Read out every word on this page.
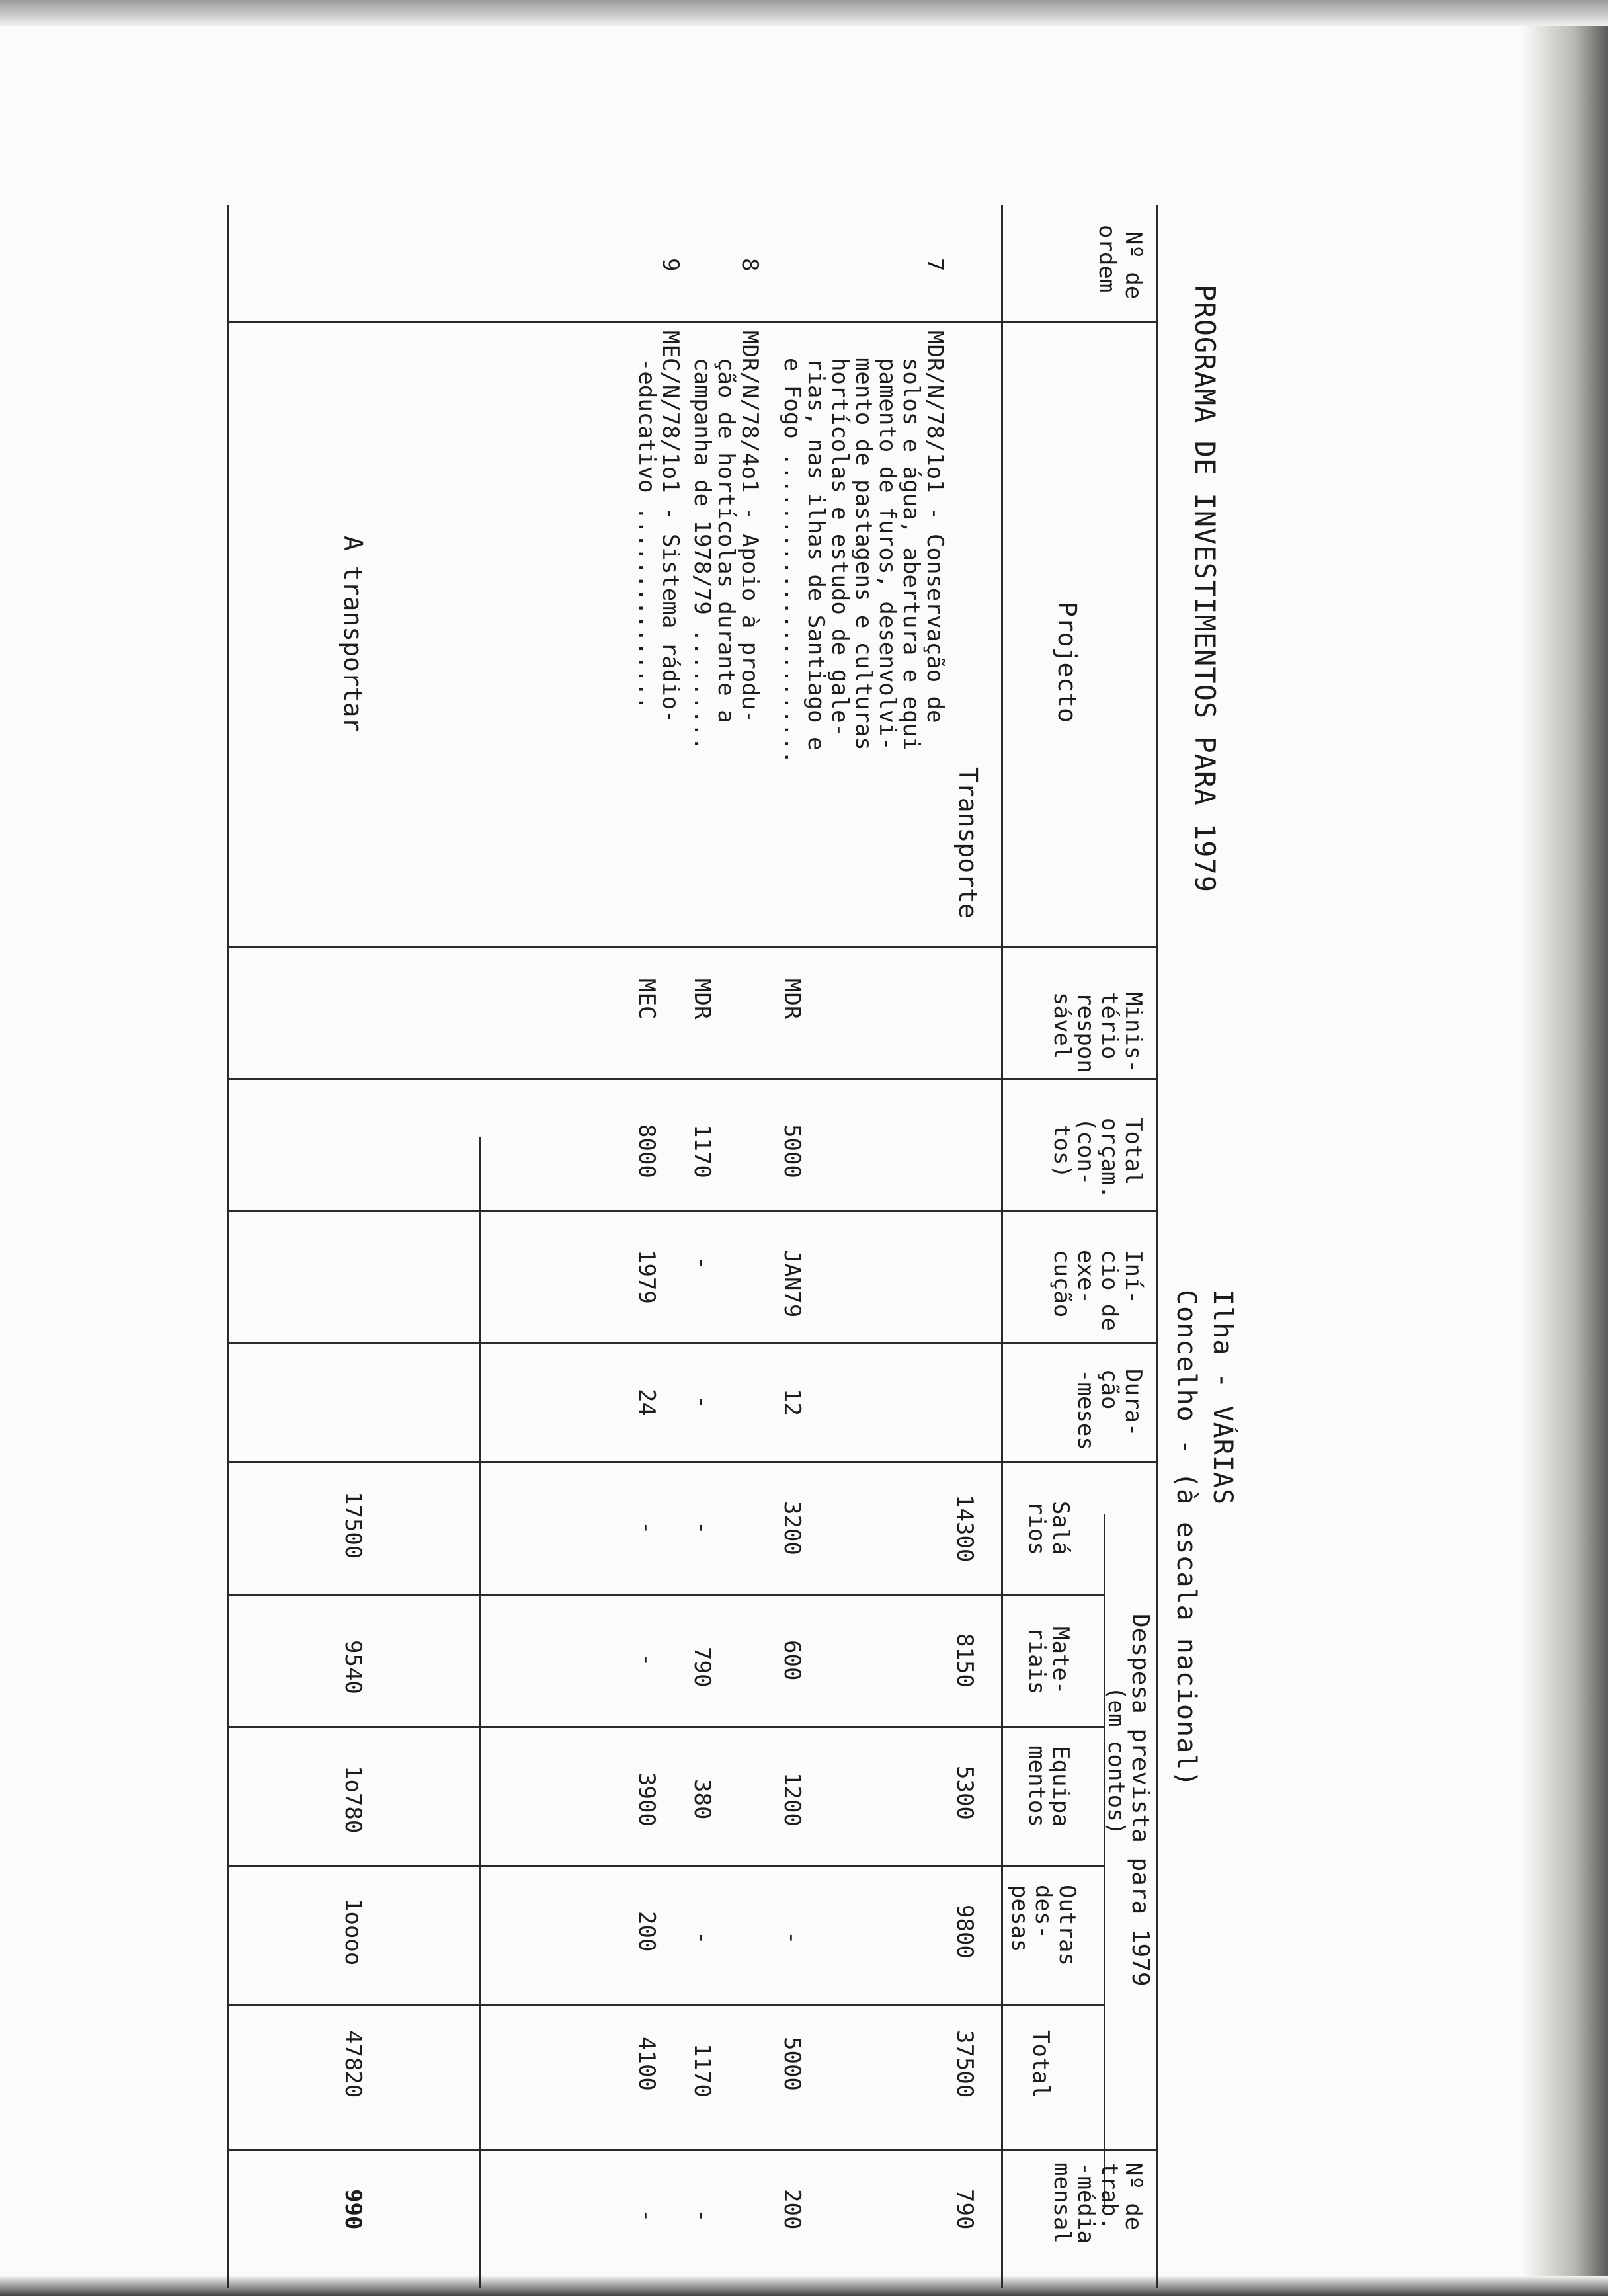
PROGRAMA DE INVESTIMENTOS PARA 1979
Ilha - VÁRIAS
Concelho - (à escala nacional)
Nº de
ordem
Projecto
Minis-
tério
respon
sável
Total
orçam.
(con-
tos)
Iní-
cio de
exe-
cução
Dura-
ção
-meses
Despesa prevista para 1979
(em contos)
Salá
rios
Mate-
riais
Equipa
mentos
Outras
des-
pesas
Total
Nº de
trab.
-média
mensal
Transporte
14300
8150
5300
9800
37500
790
7
MDR/N/78/1o1 - Conservação de
solos e água, abertura e equi
pamento de furos, desenvolvi-
mento de pastagens e culturas
hortícolas e estudo de gale-
rias, nas ilhas de Santiago e
e Fogo .......................
MDR
5000
JAN79
12
3200
600
1200
-
5000
200
8
MDR/N/78/4o1 - Apoio à produ-
ção de hortícolas durante a
campanha de 1978/79 .........
MDR
1170
-
-
-
790
380
-
1170
-
9
MEC/N/78/1o1 - Sistema rádio-
-educativo ...............
MEC
8000
1979
24
-
-
3900
200
4100
-
A transportar
17500
9540
1o780
1oooo
47820
990
